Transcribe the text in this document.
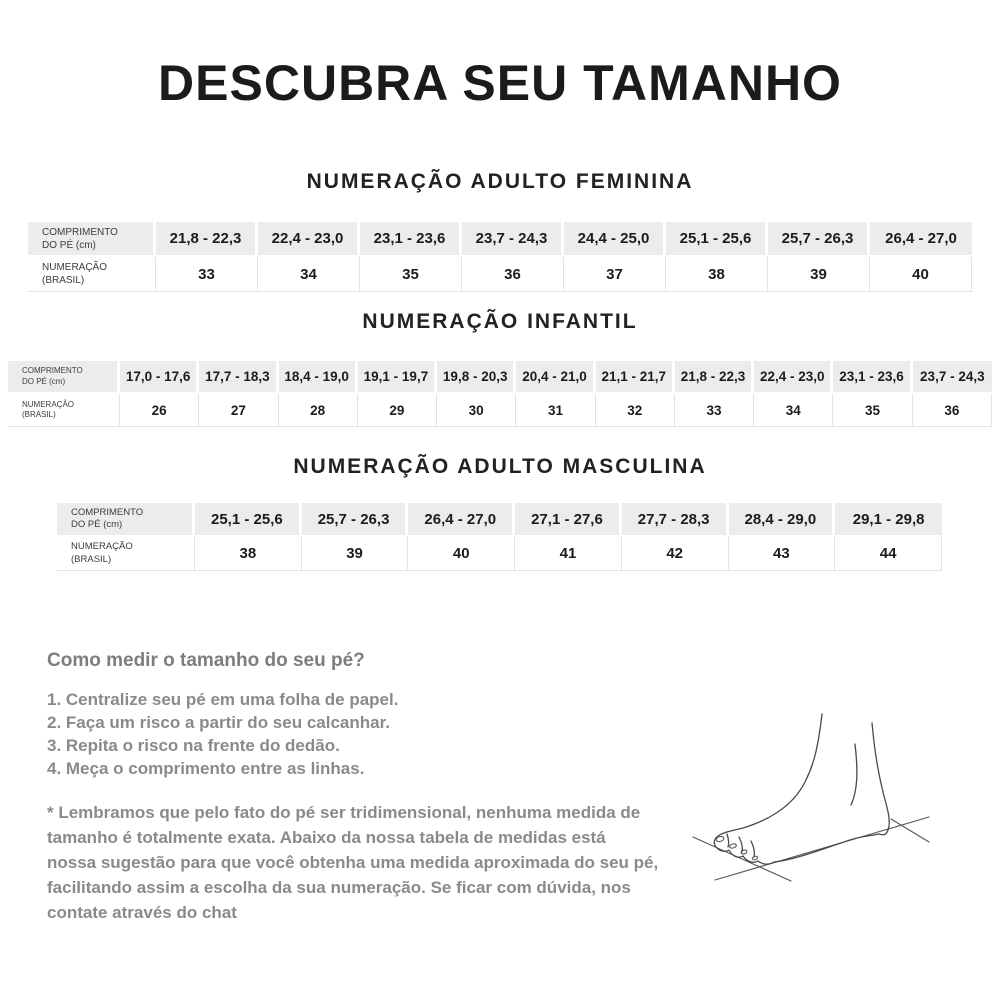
DESCUBRA SEU TAMANHO
NUMERAÇÃO ADULTO FEMININA
COMPRIMENTO DO PÉ (cm)	21,8 - 22,3	22,4 - 23,0	23,1 - 23,6	23,7 - 24,3	24,4 - 25,0	25,1 - 25,6	25,7 - 26,3	26,4 - 27,0
NUMERAÇÃO (BRASIL)	33	34	35	36	37	38	39	40
NUMERAÇÃO INFANTIL
COMPRIMENTO DO PÉ (cm)	17,0 - 17,6	17,7 - 18,3	18,4 - 19,0	19,1 - 19,7	19,8 - 20,3	20,4 - 21,0	21,1 - 21,7	21,8 - 22,3	22,4 - 23,0	23,1 - 23,6	23,7 - 24,3
NUMERAÇÃO (BRASIL)	26	27	28	29	30	31	32	33	34	35	36
NUMERAÇÃO ADULTO MASCULINA
COMPRIMENTO DO PÉ (cm)	25,1 - 25,6	25,7 - 26,3	26,4 - 27,0	27,1 - 27,6	27,7 - 28,3	28,4 - 29,0	29,1 - 29,8
NUMERAÇÃO (BRASIL)	38	39	40	41	42	43	44
Como medir o tamanho do seu pé?
1. Centralize seu pé em uma folha de papel.
2. Faça um risco a partir do seu calcanhar.
3. Repita o risco na frente do dedão.
4. Meça o comprimento entre as linhas.
* Lembramos que pelo fato do pé ser tridimensional, nenhuma medida de tamanho é totalmente exata. Abaixo da nossa tabela de medidas está nossa sugestão para que você obtenha uma medida aproximada do seu pé, facilitando assim a escolha da sua numeração. Se ficar com dúvida, nos contate através do chat
